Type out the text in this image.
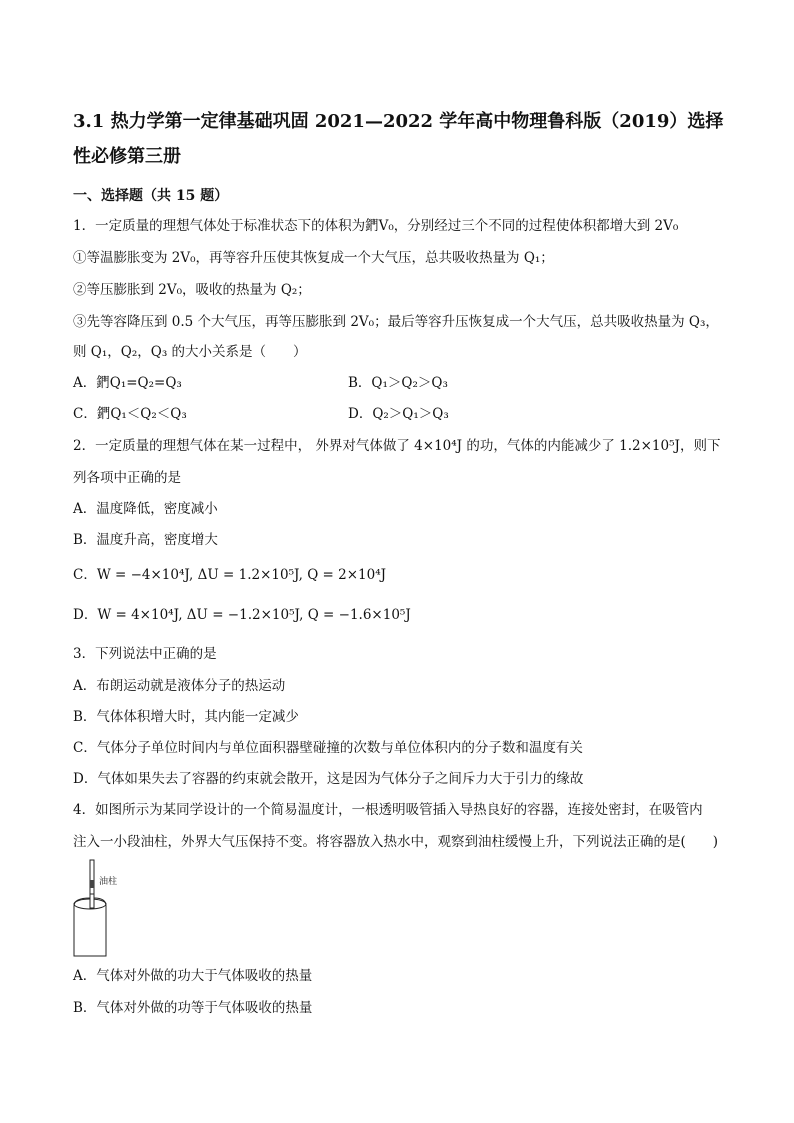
3.1 热力学第一定律基础巩固 2021—2022 学年高中物理鲁科版（2019）选择性必修第三册
一、选择题（共 15 题）
1．一定质量的理想气体处于标准状态下的体积为鍆V₀，分别经过三个不同的过程使体积都增大到 2V₀
①等温膨胀变为 2V₀，再等容升压使其恢复成一个大气压，总共吸收热量为 Q₁；
②等压膨胀到 2V₀，吸收的热量为 Q₂；
③先等容降压到 0.5 个大气压，再等压膨胀到 2V₀；最后等容升压恢复成一个大气压，总共吸收热量为 Q₃，
则 Q₁，Q₂，Q₃ 的大小关系是（　　）
A．鍆Q₁=Q₂=Q₃	B．Q₁＞Q₂＞Q₃
C．鍆Q₁＜Q₂＜Q₃	D．Q₂＞Q₁＞Q₃
2．一定质量的理想气体在某一过程中， 外界对气体做了 4×10⁴J 的功，气体的内能减少了 1.2×10⁵J，则下
列各项中正确的是
A．温度降低，密度减小
B．温度升高，密度增大
C．W = −4×10⁴J, ΔU = 1.2×10⁵J, Q = 2×10⁴J
D．W = 4×10⁴J, ΔU = −1.2×10⁵J, Q = −1.6×10⁵J
3．下列说法中正确的是
A．布朗运动就是液体分子的热运动
B．气体体积增大时，其内能一定减少
C．气体分子单位时间内与单位面积器壁碰撞的次数与单位体积内的分子数和温度有关
D．气体如果失去了容器的约束就会散开，这是因为气体分子之间斥力大于引力的缘故
4．如图所示为某同学设计的一个简易温度计，一根透明吸管插入导热良好的容器，连接处密封，在吸管内
注入一小段油柱，外界大气压保持不变。将容器放入热水中，观察到油柱缓慢上升，下列说法正确的是(　　)
油柱
A．气体对外做的功大于气体吸收的热量
B．气体对外做的功等于气体吸收的热量
